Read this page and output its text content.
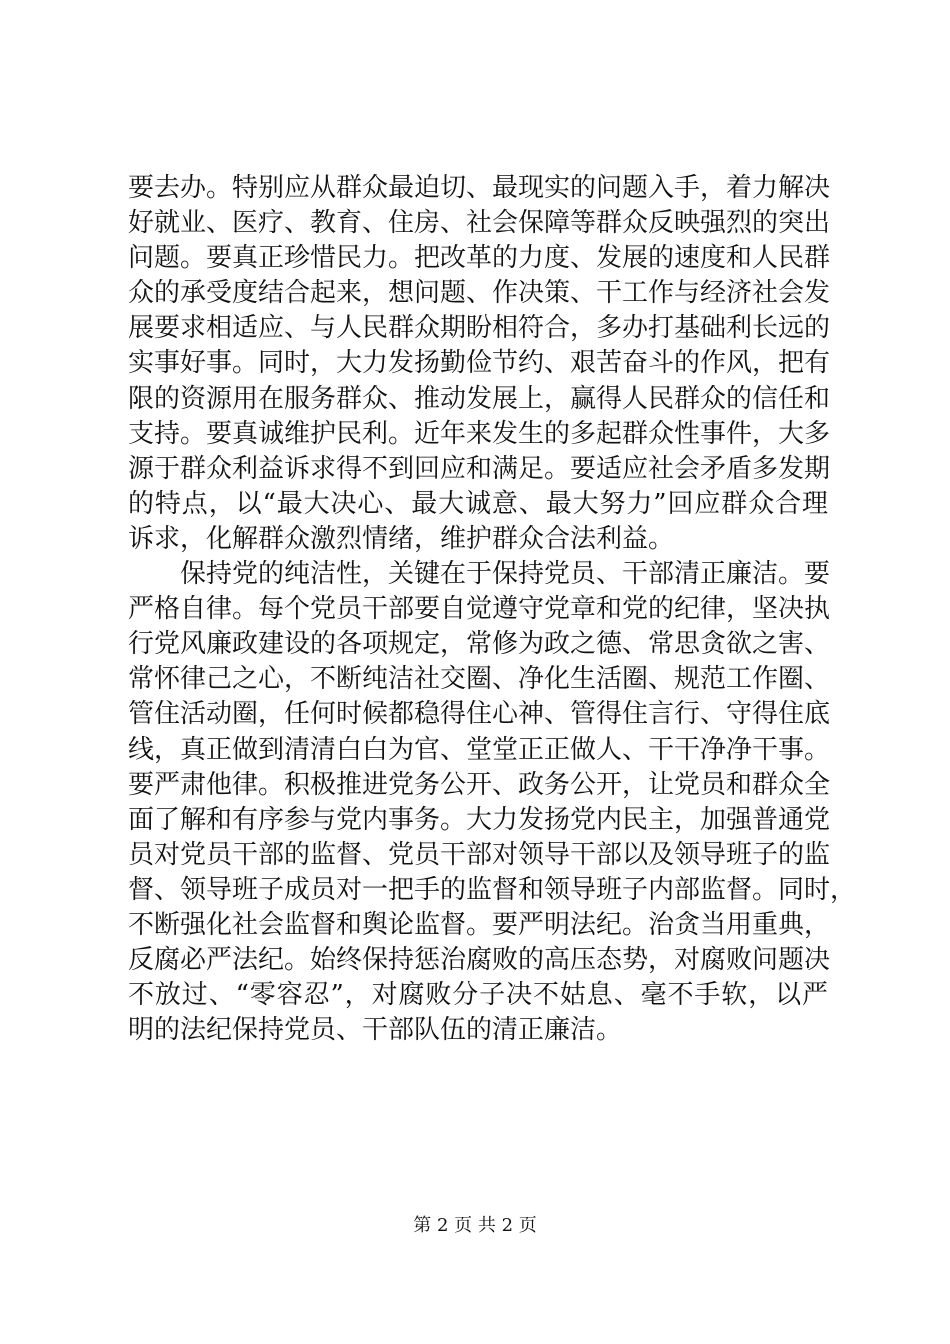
要去办。特别应从群众最迫切、最现实的问题入手，着力解决
好就业、医疗、教育、住房、社会保障等群众反映强烈的突出
问题。要真正珍惜民力。把改革的力度、发展的速度和人民群
众的承受度结合起来，想问题、作决策、干工作与经济社会发
展要求相适应、与人民群众期盼相符合，多办打基础利长远的
实事好事。同时，大力发扬勤俭节约、艰苦奋斗的作风，把有
限的资源用在服务群众、推动发展上，赢得人民群众的信任和
支持。要真诚维护民利。近年来发生的多起群众性事件，大多
源于群众利益诉求得不到回应和满足。要适应社会矛盾多发期
的特点，以“最大决心、最大诚意、最大努力”回应群众合理
诉求，化解群众激烈情绪，维护群众合法利益。
保持党的纯洁性，关键在于保持党员、干部清正廉洁。要
严格自律。每个党员干部要自觉遵守党章和党的纪律，坚决执
行党风廉政建设的各项规定，常修为政之德、常思贪欲之害、
常怀律己之心，不断纯洁社交圈、净化生活圈、规范工作圈、
管住活动圈，任何时候都稳得住心神、管得住言行、守得住底
线，真正做到清清白白为官、堂堂正正做人、干干净净干事。
要严肃他律。积极推进党务公开、政务公开，让党员和群众全
面了解和有序参与党内事务。大力发扬党内民主，加强普通党
员对党员干部的监督、党员干部对领导干部以及领导班子的监
督、领导班子成员对一把手的监督和领导班子内部监督。同时，
不断强化社会监督和舆论监督。要严明法纪。治贪当用重典，
反腐必严法纪。始终保持惩治腐败的高压态势，对腐败问题决
不放过、“零容忍”，对腐败分子决不姑息、毫不手软，以严
明的法纪保持党员、干部队伍的清正廉洁。
第 2 页 共 2 页
